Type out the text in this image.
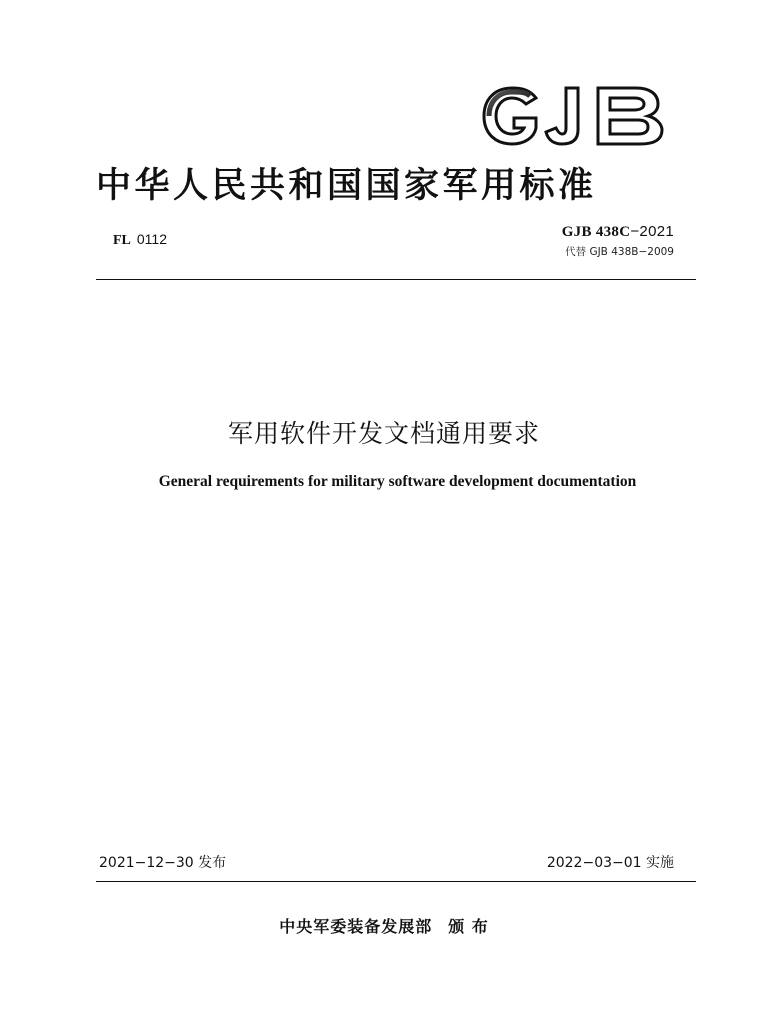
中华人民共和国国家军用标准
FL 0112	GJB 438C−2021
代替 GJB 438B−2009
军用软件开发文档通用要求
General requirements for military software development documentation
2021−12−30 发布	2022−03−01 实施
中央军委装备发展部 颁 布
